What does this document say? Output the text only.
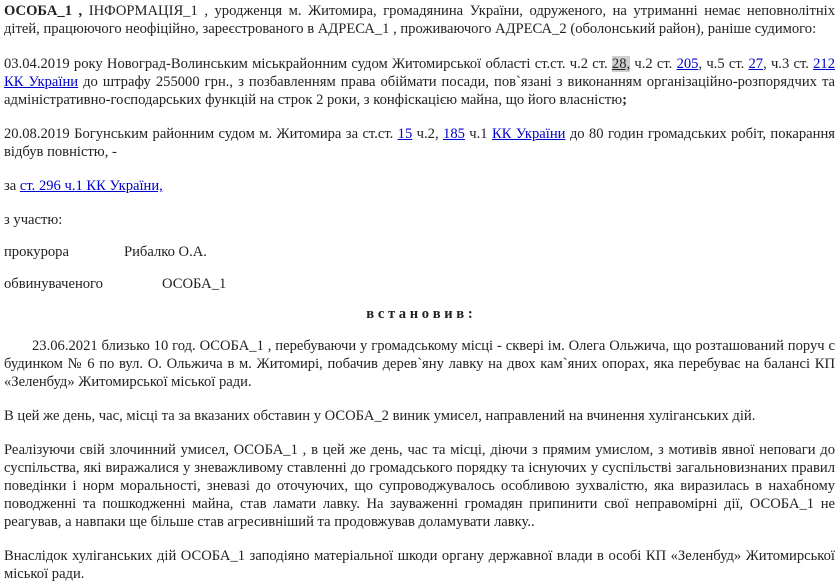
ОСОБА_1 , ІНФОРМАЦІЯ_1 , уродженця м. Житомира, громадянина України, одруженого, на утриманні немає неповнолітніх дітей, працюючого неофіційно, зареєстрованого в АДРЕСА_1 , проживаючого АДРЕСА_2 (оболонський район), раніше судимого:

03.04.2019 року Новоград-Волинським міськрайонним судом Житомирської області ст.ст. ч.2 ст. 28, ч.2 ст. 205, ч.5 ст. 27, ч.3 ст. 212 КК України до штрафу 255000 грн., з позбавленням права обіймати посади, пов`язані з виконанням організаційно-розпорядчих та адміністративно-господарських функцій на строк 2 роки, з конфіскацією майна, що його власністю;

20.08.2019 Богунським районним судом м. Житомира за ст.ст. 15 ч.2, 185 ч.1 КК України до 80 годин громадських робіт, покарання відбув повністю, -

за ст. 296 ч.1 КК України,

з участю:

прокурора	Рибалко О.А.
обвинуваченого	ОСОБА_1

в с т а н о в и в :

23.06.2021 близько 10 год. ОСОБА_1 , перебуваючи у громадському місці - скверi ім. Олега Ольжича, що розташований поруч с будинком № 6 по вул. О. Ольжича в м. Житомирі, побачив дерев`яну лавку на двох кам`яних опорах, яка перебуває на балансі КП «Зеленбуд» Житомирської міської ради.

В цей же день, час, місці та за вказаних обставин у ОСОБА_2 виник умисел, направлений на вчинення хуліганських дій.

Реалізуючи свій злочинний умисел, ОСОБА_1 , в цей же день, час та місці, діючи з прямим умислом, з мотивів явної неповаги до суспільства, які виражалися у зневажливому ставленні до громадського порядку та існуючих у суспільстві загальновизнаних правил поведінки і норм моральності, зневазі до оточуючих, що супроводжувалось особливою зухвалістю, яка виразилась в нахабному поводженні та пошкодженні майна, став ламати лавку. На зауваженні громадян припинити свої неправомірні дії, ОСОБА_1 не реагував, а навпаки ще більше став агресивніший та продовжував доламувати лавку..

Внаслідок хуліганських дій ОСОБА_1 заподіяно матеріальної шкоди органу державної влади в особі КП «Зеленбуд» Житомирської міської ради.
